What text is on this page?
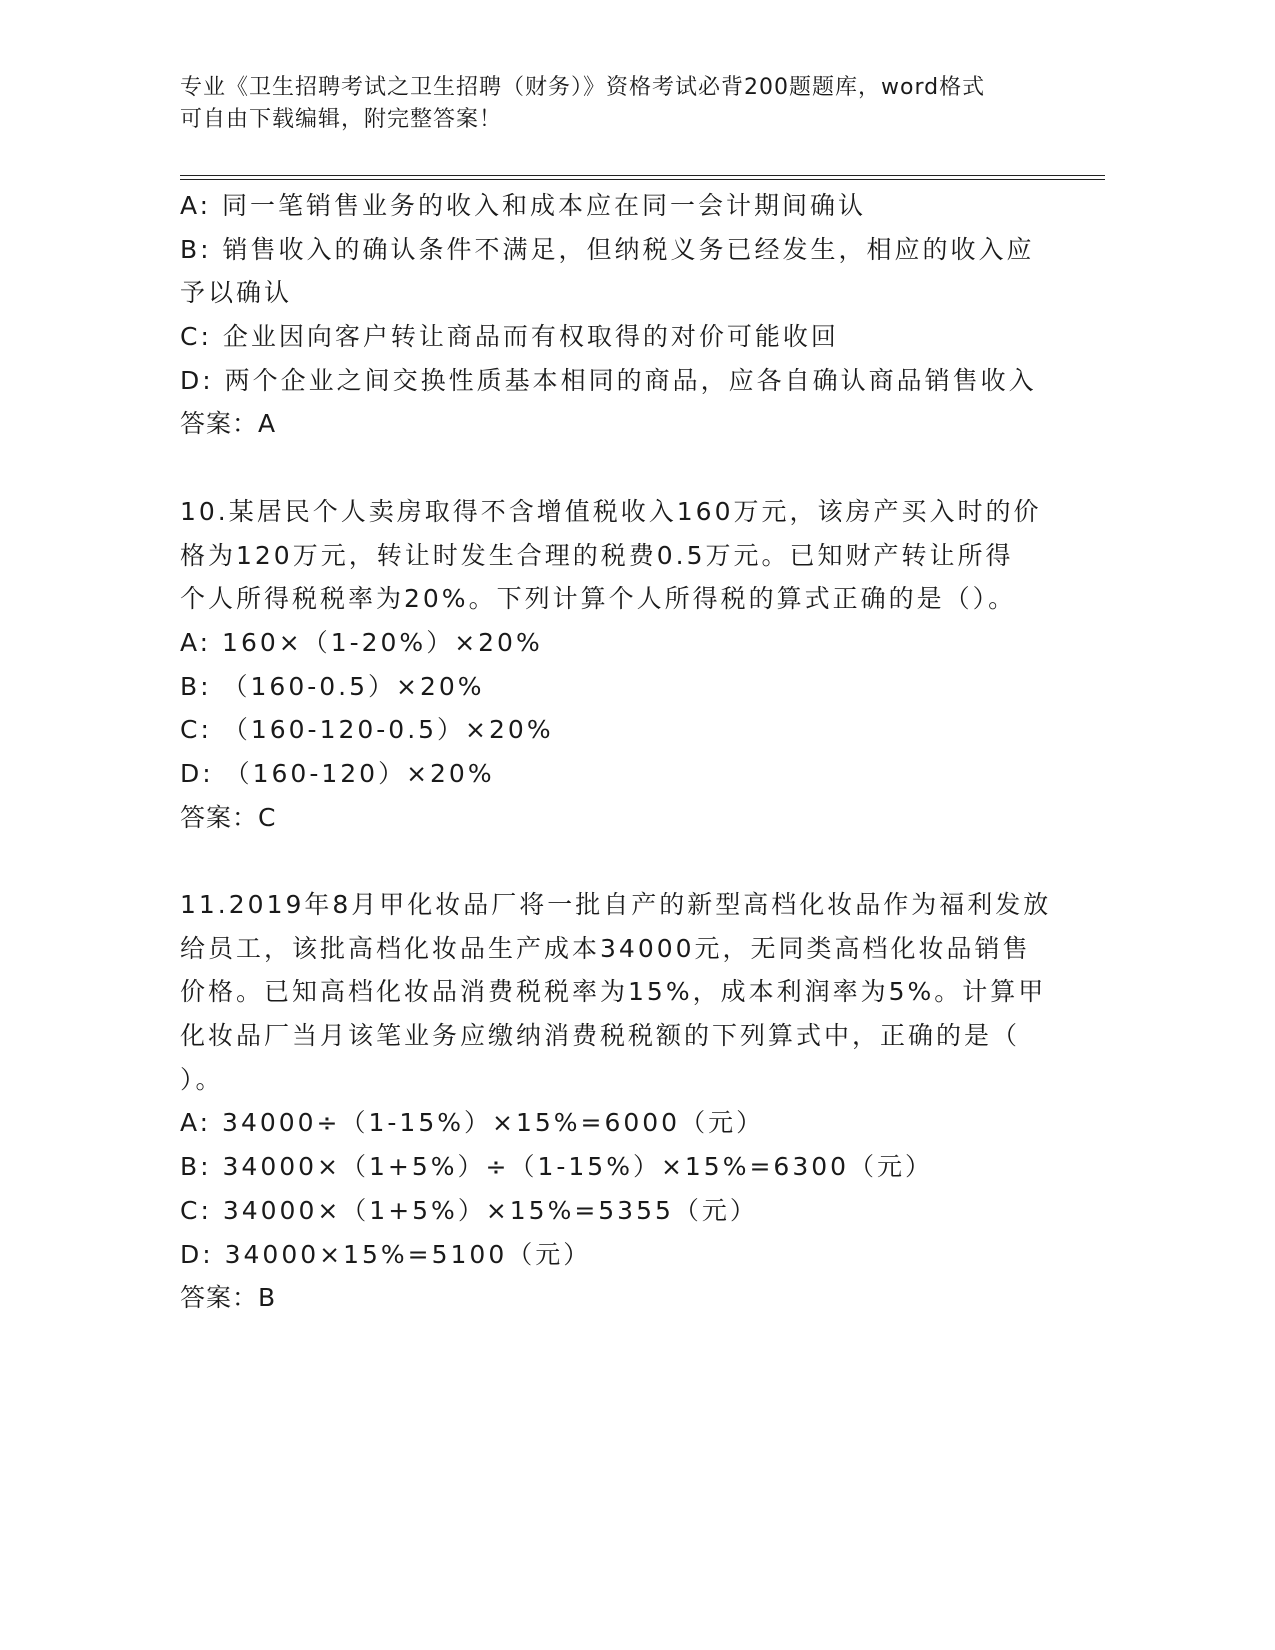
专业《卫生招聘考试之卫生招聘（财务）》资格考试必背200题题库，word格式
可自由下载编辑，附完整答案！
A: 同一笔销售业务的收入和成本应在同一会计期间确认
B: 销售收入的确认条件不满足，但纳税义务已经发生，相应的收入应
予以确认
C: 企业因向客户转让商品而有权取得的对价可能收回
D: 两个企业之间交换性质基本相同的商品，应各自确认商品销售收入
答案：A
10.某居民个人卖房取得不含增值税收入160万元，该房产买入时的价
格为120万元，转让时发生合理的税费0.5万元。已知财产转让所得
个人所得税税率为20%。下列计算个人所得税的算式正确的是（）。
A: 160×（1-20%）×20%
B: （160-0.5）×20%
C: （160-120-0.5）×20%
D: （160-120）×20%
答案：C
11.2019年8月甲化妆品厂将一批自产的新型高档化妆品作为福利发放
给员工，该批高档化妆品生产成本34000元，无同类高档化妆品销售
价格。已知高档化妆品消费税税率为15%，成本利润率为5%。计算甲
化妆品厂当月该笔业务应缴纳消费税税额的下列算式中，正确的是（
）。
A: 34000÷（1-15%）×15%=6000（元）
B: 34000×（1+5%）÷（1-15%）×15%=6300（元）
C: 34000×（1+5%）×15%=5355（元）
D: 34000×15%=5100（元）
答案：B
